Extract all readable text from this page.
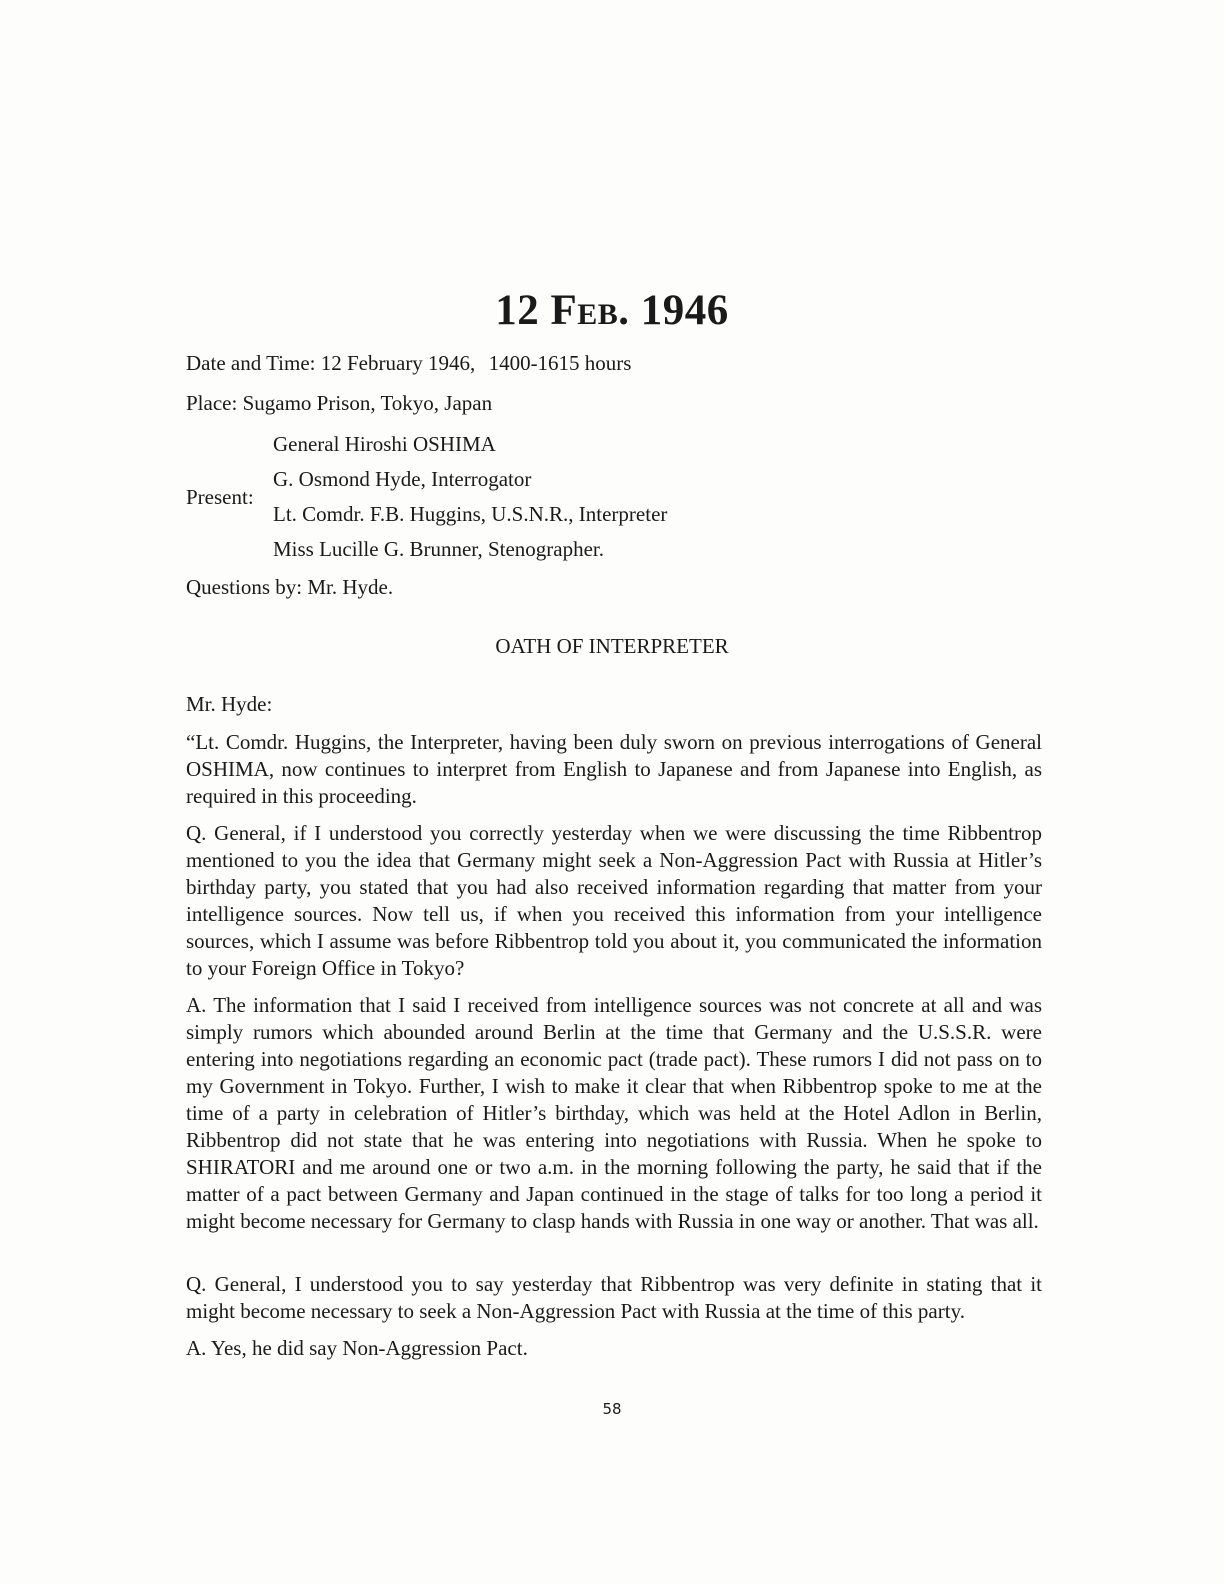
12 Feb. 1946
Date and Time: 12 February 1946, 1400-1615 hours
Place: Sugamo Prison, Tokyo, Japan
Present:
General Hiroshi OSHIMA
G. Osmond Hyde, Interrogator
Lt. Comdr. F.B. Huggins, U.S.N.R., Interpreter
Miss Lucille G. Brunner, Stenographer.
Questions by: Mr. Hyde.
OATH OF INTERPRETER
Mr. Hyde:
“Lt. Comdr. Huggins, the Interpreter, having been duly sworn on previous interrogations of General OSHIMA, now continues to interpret from English to Japanese and from Japanese into English, as required in this proceeding.
Q. General, if I understood you correctly yesterday when we were discussing the time Ribbentrop mentioned to you the idea that Germany might seek a Non-Aggression Pact with Russia at Hitler’s birthday party, you stated that you had also received information regarding that matter from your intelligence sources. Now tell us, if when you received this information from your intelligence sources, which I assume was before Ribbentrop told you about it, you communicated the information to your Foreign Office in Tokyo?
A. The information that I said I received from intelligence sources was not concrete at all and was simply rumors which abounded around Berlin at the time that Germany and the U.S.S.R. were entering into negotiations regarding an economic pact (trade pact). These rumors I did not pass on to my Government in Tokyo. Further, I wish to make it clear that when Ribbentrop spoke to me at the time of a party in celebration of Hitler’s birthday, which was held at the Hotel Adlon in Berlin, Ribbentrop did not state that he was entering into negotiations with Russia. When he spoke to SHIRATORI and me around one or two a.m. in the morning following the party, he said that if the matter of a pact between Germany and Japan continued in the stage of talks for too long a period it might become necessary for Germany to clasp hands with Russia in one way or another. That was all.
Q. General, I understood you to say yesterday that Ribbentrop was very definite in stating that it might become necessary to seek a Non-Aggression Pact with Russia at the time of this party.
A. Yes, he did say Non-Aggression Pact.
58
